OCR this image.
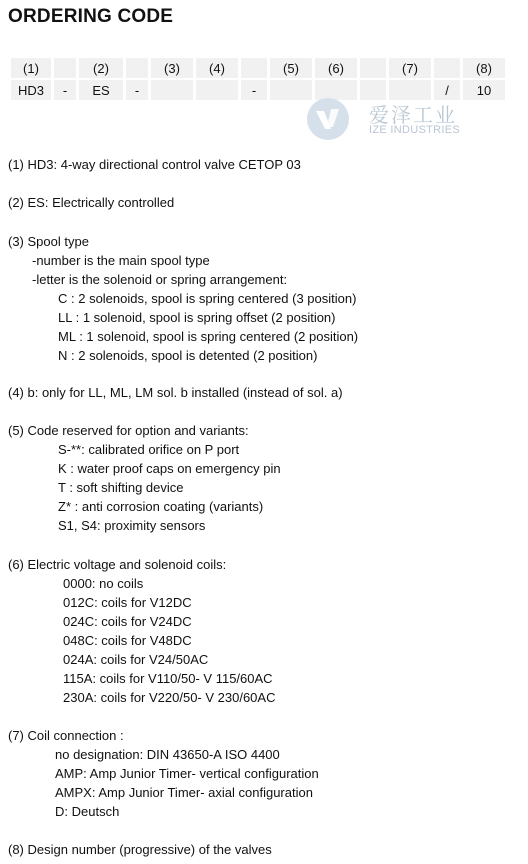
ORDERING CODE
(1)		(2)		(3)	(4)		(5)	(6)		(7)		(8)
HD3	-	ES	-			-					/	10
爱泽工业
IZE INDUSTRIES
(1) HD3: 4-way directional control valve CETOP 03
(2) ES: Electrically controlled
(3) Spool type
-number is the main spool type
-letter is the solenoid or spring arrangement:
C : 2 solenoids, spool is spring centered (3 position)
LL : 1 solenoid, spool is spring offset (2 position)
ML : 1 solenoid, spool is spring centered (2 position)
N : 2 solenoids, spool is detented (2 position)
(4) b: only for LL, ML, LM sol. b installed (instead of sol. a)
(5) Code reserved for option and variants:
S-**: calibrated orifice on P port
K : water proof caps on emergency pin
T : soft shifting device
Z* : anti corrosion coating (variants)
S1, S4: proximity sensors
(6) Electric voltage and solenoid coils:
0000: no coils
012C: coils for V12DC
024C: coils for V24DC
048C: coils for V48DC
024A: coils for V24/50AC
115A: coils for V110/50- V 115/60AC
230A: coils for V220/50- V 230/60AC
(7) Coil connection :
no designation: DIN 43650-A ISO 4400
AMP: Amp Junior Timer- vertical configuration
AMPX: Amp Junior Timer- axial configuration
D: Deutsch
(8) Design number (progressive) of the valves
